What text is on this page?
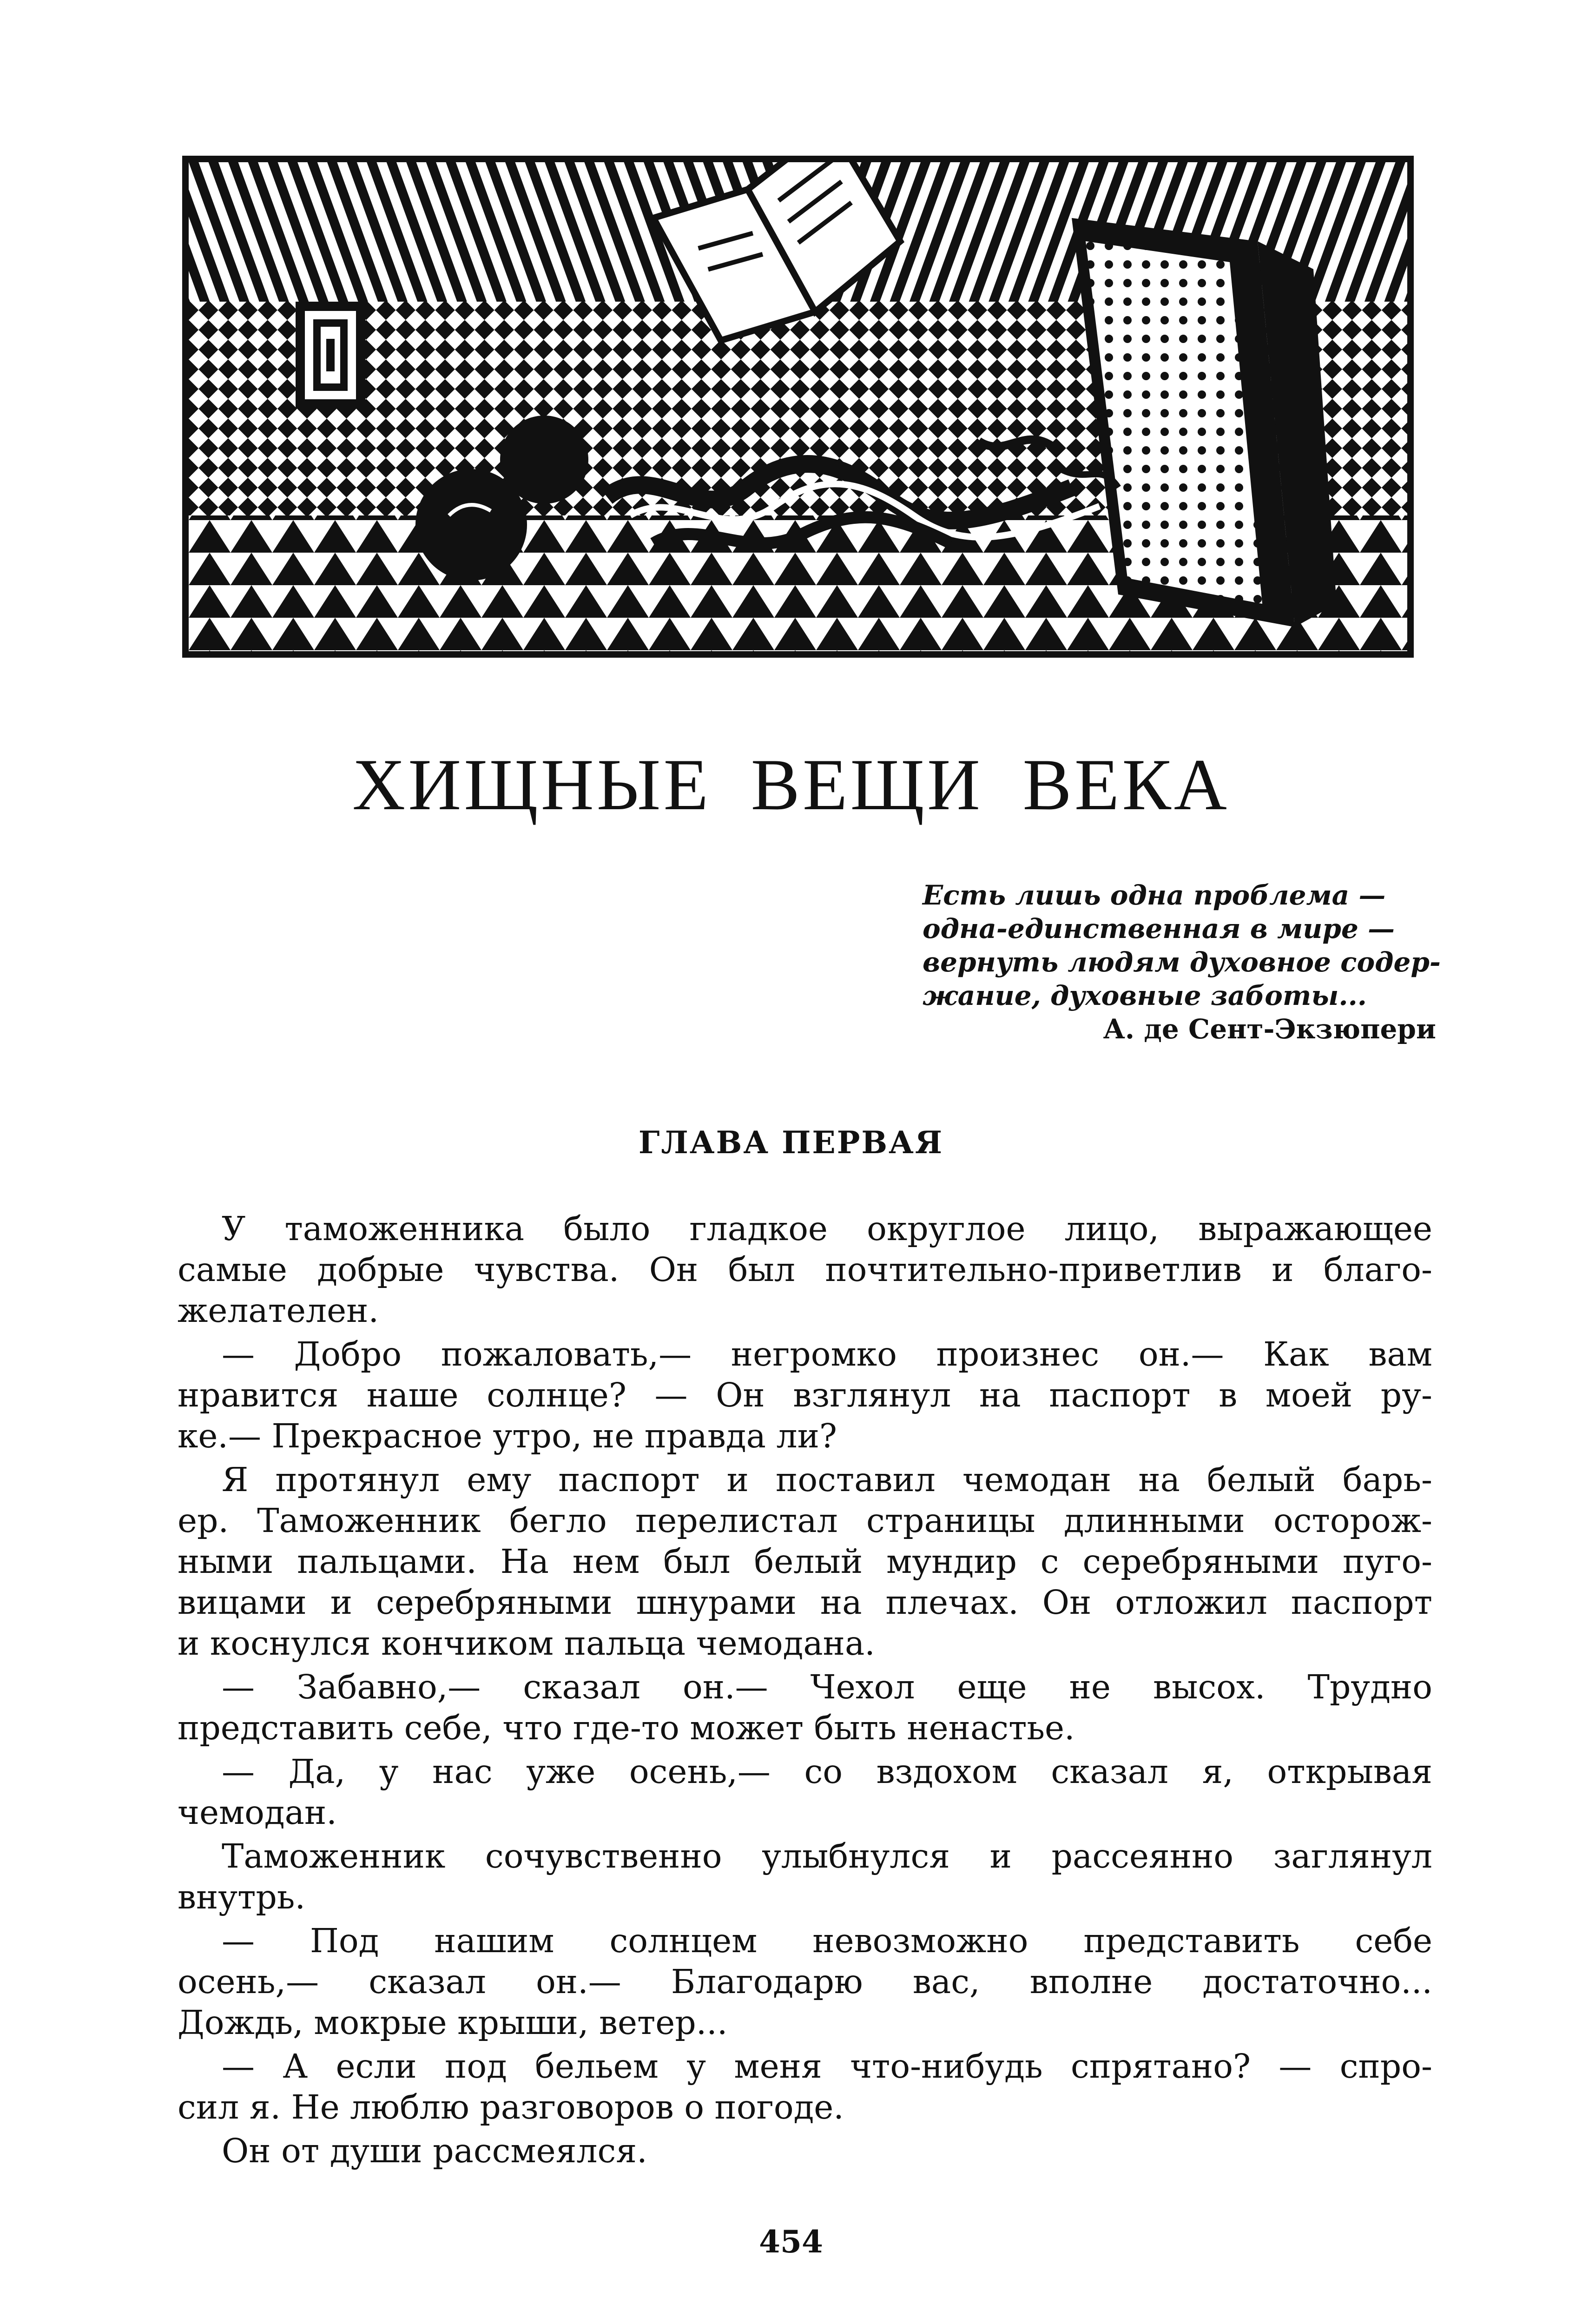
ХИЩНЫЕ ВЕЩИ ВЕКА
Есть лишь одна проблема —
одна-единственная в мире —
вернуть людям духовное содер-
жание, духовные заботы...
А. де Сент-Экзюпери
ГЛАВА ПЕРВАЯ
У таможенника было гладкое округлое лицо, выражающее
самые добрые чувства. Он был почтительно-приветлив и благо-
желателен.
— Добро пожаловать,— негромко произнес он.— Как вам
нравится наше солнце? — Он взглянул на паспорт в моей ру-
ке.— Прекрасное утро, не правда ли?
Я протянул ему паспорт и поставил чемодан на белый барь-
ер. Таможенник бегло перелистал страницы длинными осторож-
ными пальцами. На нем был белый мундир с серебряными пуго-
вицами и серебряными шнурами на плечах. Он отложил паспорт
и коснулся кончиком пальца чемодана.
— Забавно,— сказал он.— Чехол еще не высох. Трудно
представить себе, что где-то может быть ненастье.
— Да, у нас уже осень,— со вздохом сказал я, открывая
чемодан.
Таможенник сочувственно улыбнулся и рассеянно заглянул
внутрь.
— Под нашим солнцем невозможно представить себе
осень,— сказал он.— Благодарю вас, вполне достаточно...
Дождь, мокрые крыши, ветер...
— А если под бельем у меня что-нибудь спрятано? — спро-
сил я. Не люблю разговоров о погоде.
Он от души рассмеялся.
454
